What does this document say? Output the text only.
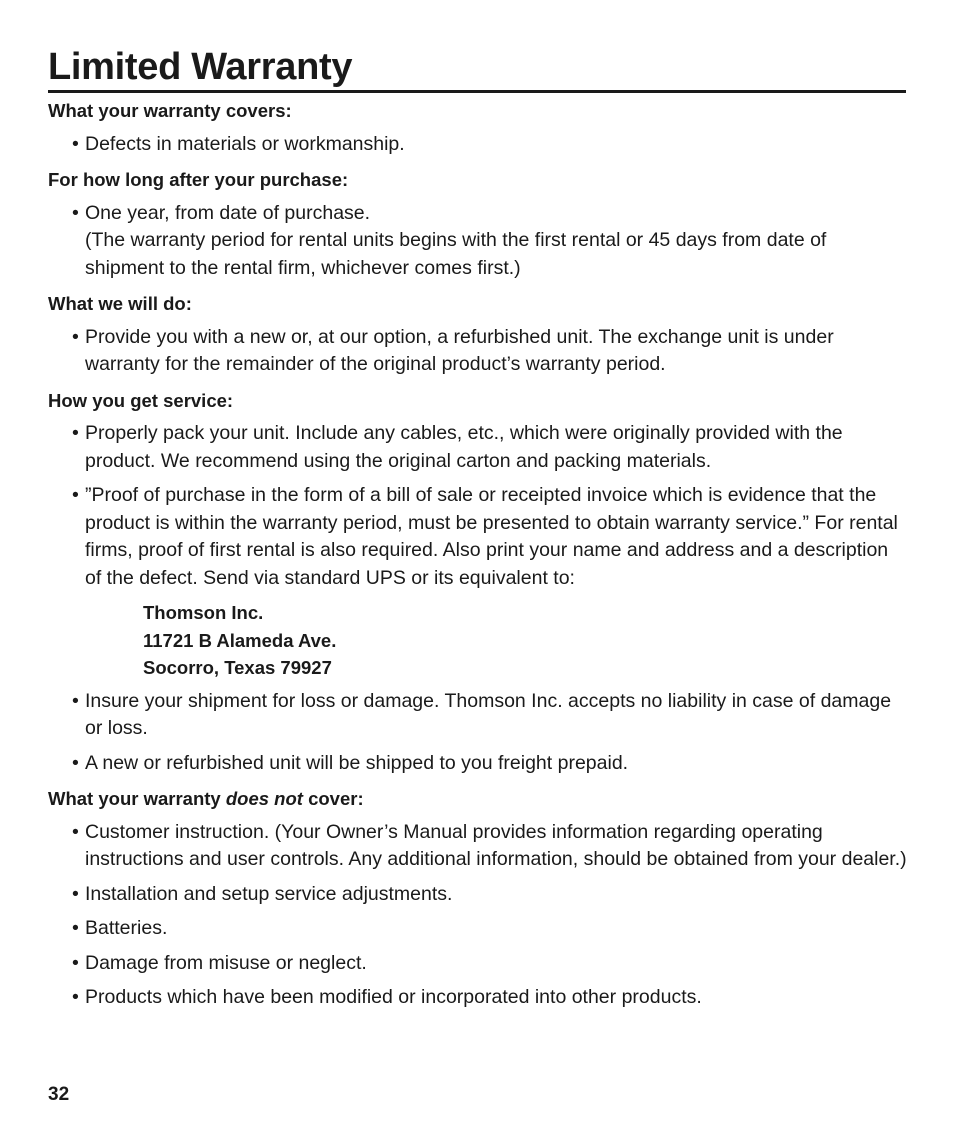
Limited Warranty

What your warranty covers:

• Defects in materials or workmanship.

For how long after your purchase:

• One year, from date of purchase.
(The warranty period for rental units begins with the first rental or 45 days from date of shipment to the rental firm, whichever comes first.)

What we will do:

• Provide you with a new or, at our option, a refurbished unit. The exchange unit is under warranty for the remainder of the original product’s warranty period.

How you get service:

• Properly pack your unit. Include any cables, etc., which were originally provided with the product. We recommend using the original carton and packing materials.
• ”Proof of purchase in the form of a bill of sale or receipted invoice which is evidence that the product is within the warranty period, must be presented to obtain warranty service.” For rental firms, proof of first rental is also required. Also print your name and address and a description of the defect. Send via standard UPS or its equivalent to:
Thomson Inc.
11721 B Alameda Ave.
Socorro, Texas 79927
• Insure your shipment for loss or damage. Thomson Inc. accepts no liability in case of damage or loss.
• A new or refurbished unit will be shipped to you freight prepaid.

What your warranty does not cover:

• Customer instruction. (Your Owner’s Manual provides information regarding operating instructions and user controls. Any additional information, should be obtained from your dealer.)
• Installation and setup service adjustments.
• Batteries.
• Damage from misuse or neglect.
• Products which have been modified or incorporated into other products.
32
